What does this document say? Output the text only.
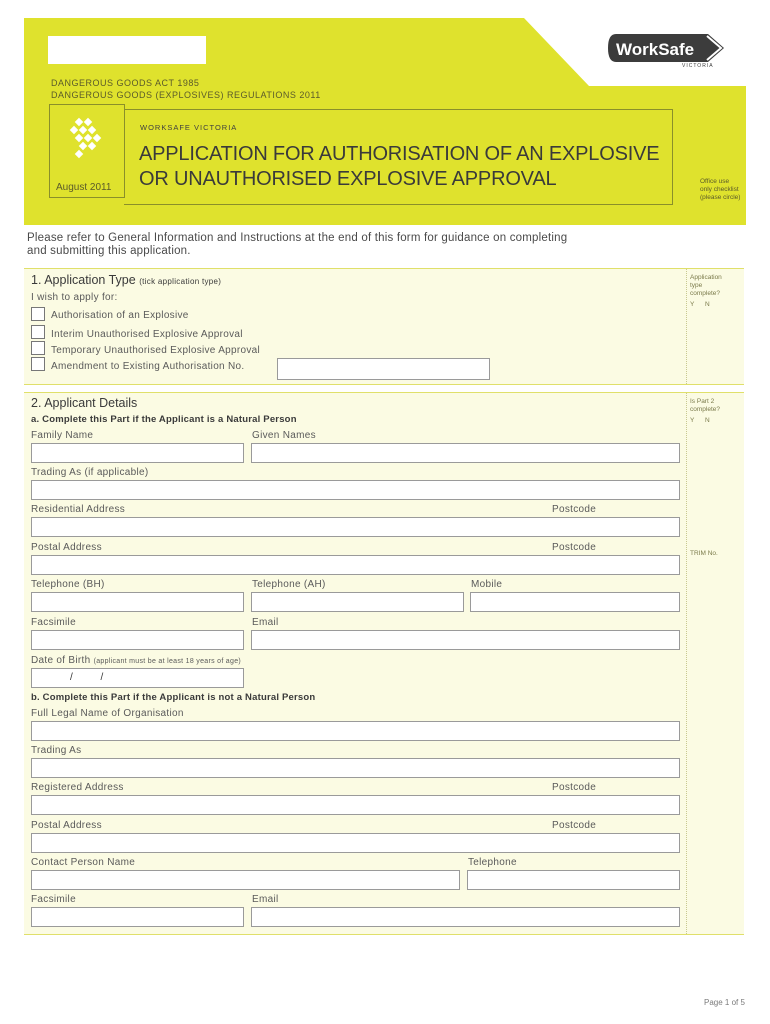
WorkSafe
VICTORIA
DANGEROUS GOODS ACT 1985
DANGEROUS GOODS (EXPLOSIVES) REGULATIONS 2011
August 2011
WORKSAFE VICTORIA
APPLICATION FOR AUTHORISATION OF AN EXPLOSIVE
OR UNAUTHORISED EXPLOSIVE APPROVAL	Office use
only checklist
(please circle)
Please refer to General Information and Instructions at the end of this form for guidance on completing
and submitting this application.
1. Application Type (tick application type)
I wish to apply for:
Authorisation of an Explosive
Interim Unauthorised Explosive Approval
Temporary Unauthorised Explosive Approval
Amendment to Existing Authorisation No.
Application
type
complete?
Y      N
2. Applicant Details
a. Complete this Part if the Applicant is a Natural Person
Is Part 2
complete?
Y      N
TRIM No.
Family Name	Given Names
Trading As (if applicable)
Residential Address	Postcode
Postal Address	Postcode
Telephone (BH)	Telephone (AH)	Mobile
Facsimile	Email
Date of Birth (applicant must be at least 18 years of age)
/          /
b. Complete this Part if the Applicant is not a Natural Person
Full Legal Name of Organisation
Trading As
Registered Address	Postcode
Postal Address	Postcode
Contact Person Name	Telephone
Facsimile	Email
Page 1 of 5
